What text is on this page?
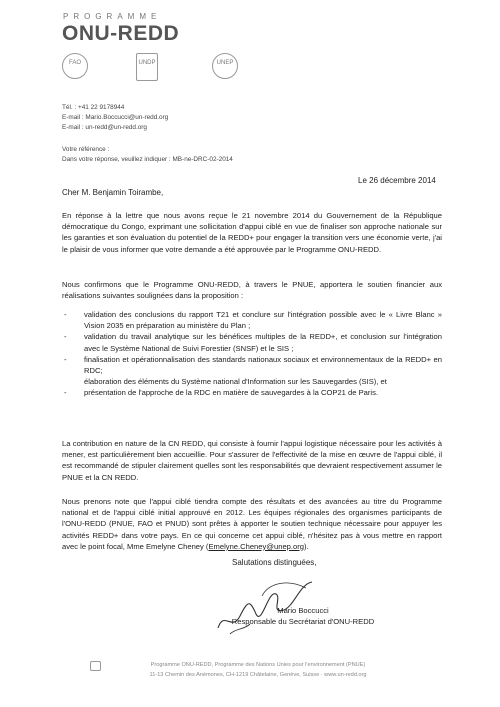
PROGRAMME
ONU-REDD
FAO	UNDP	UNEP
Tél. : +41 22 9178944
E-mail : Mario.Boccucci@un-redd.org
E-mail : un-redd@un-redd.org
Votre référence :
Dans votre réponse, veuillez indiquer : MB-ne-DRC-02-2014
Le 26 décembre 2014
Cher M. Benjamin Toirambe,
En réponse à la lettre que nous avons reçue le 21 novembre 2014 du Gouvernement de la République démocratique du Congo, exprimant une sollicitation d'appui ciblé en vue de finaliser son approche nationale sur les garanties et son évaluation du potentiel de la REDD+ pour engager la transition vers une économie verte, j'ai le plaisir de vous informer que votre demande a été approuvée par le Programme ONU-REDD.
Nous confirmons que le Programme ONU-REDD, à travers le PNUE, apportera le soutien financier aux réalisations suivantes soulignées dans la proposition :
- validation des conclusions du rapport T21 et conclure sur l'intégration possible avec le « Livre Blanc » Vision 2035 en préparation au ministère du Plan ;
- validation du travail analytique sur les bénéfices multiples de la REDD+, et conclusion sur l'intégration avec le Système National de Suivi Forestier (SNSF) et le SIS ;
- finalisation et opérationnalisation des standards nationaux sociaux et environnementaux de la REDD+ en RDC;
élaboration des éléments du Système national d'Information sur les Sauvegardes (SIS), et
- présentation de l'approche de la RDC en matière de sauvegardes à la COP21 de Paris.
La contribution en nature de la CN REDD, qui consiste à fournir l'appui logistique nécessaire pour les activités à mener, est particulièrement bien accueillie. Pour s'assurer de l'effectivité de la mise en œuvre de l'appui ciblé, il est recommandé de stipuler clairement quelles sont les responsabilités que devraient respectivement assumer le PNUE et la CN REDD.
Nous prenons note que l'appui ciblé tiendra compte des résultats et des avancées au titre du Programme national et de l'appui ciblé initial approuvé en 2012. Les équipes régionales des organismes participants de l'ONU-REDD (PNUE, FAO et PNUD) sont prêtes à apporter le soutien technique nécessaire pour appuyer les activités REDD+ dans votre pays. En ce qui concerne cet appui ciblé, n'hésitez pas à vous mettre en rapport avec le point focal, Mme Emelyne Cheney (Emelyne.Cheney@unep.org).
Salutations distinguées,
Mario Boccucci
Responsable du Secrétariat d'ONU-REDD
Programme ONU-REDD, Programme des Nations Unies pour l'environnement (PNUE)
11-13 Chemin des Anémones, CH-1219 Châtelaine, Genève, Suisse · www.un-redd.org
